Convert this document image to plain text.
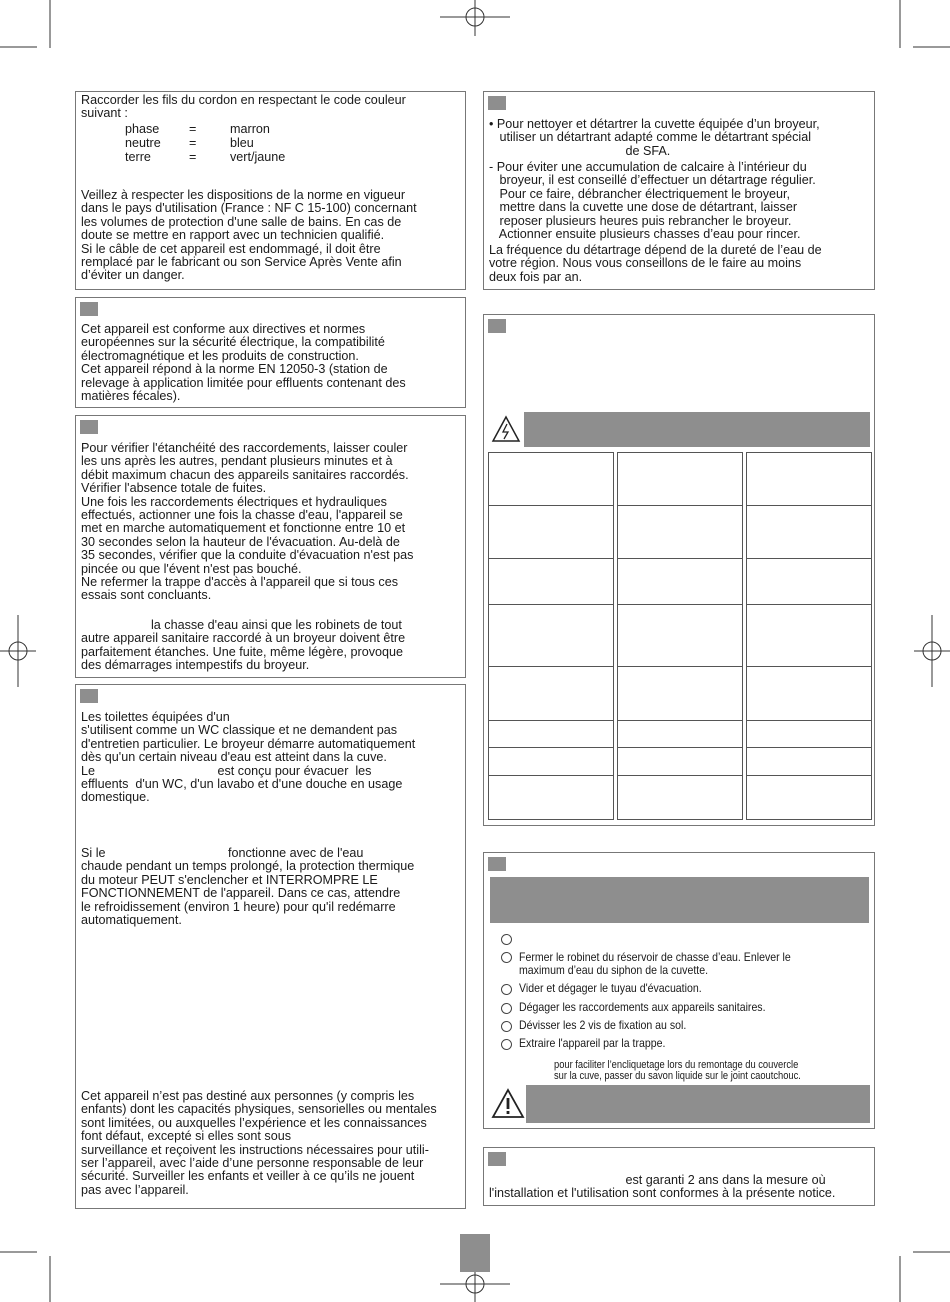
Raccorder les fils du cordon en respectant le code couleur
suivant :
phase =	marron
neutre =	bleu
terre	=	vert/jaune
Veillez à respecter les dispositions de la norme en vigueur
dans le pays d'utilisation (France : NF C 15-100) concernant
les volumes de protection d'une salle de bains. En cas de
doute se mettre en rapport avec un technicien qualifié.
Si le câble de cet appareil est endommagé, il doit être
remplacé par le fabricant ou son Service Après Vente afin
d’éviter un danger.
Cet appareil est conforme aux directives et normes
européennes sur la sécurité électrique, la compatibilité
électromagnétique et les produits de construction.
Cet appareil répond à la norme EN 12050-3 (station de
relevage à application limitée pour effluents contenant des
matières fécales).
Pour vérifier l'étanchéité des raccordements, laisser couler
les uns après les autres, pendant plusieurs minutes et à
débit maximum chacun des appareils sanitaires raccordés.
Vérifier l'absence totale de fuites.
Une fois les raccordements électriques et hydrauliques
effectués, actionner une fois la chasse d'eau, l'appareil se
met en marche automatiquement et fonctionne entre 10 et
30 secondes selon la hauteur de l'évacuation. Au-delà de
35 secondes, vérifier que la conduite d'évacuation n'est pas
pincée ou que l'évent n'est pas bouché.
Ne refermer la trappe d'accès à l'appareil que si tous ces
essais sont concluants.
la chasse d'eau ainsi que les robinets de tout
autre appareil sanitaire raccordé à un broyeur doivent être
parfaitement étanches. Une fuite, même légère, provoque
des démarrages intempestifs du broyeur.
Les toilettes équipées d'un
s'utilisent comme un WC classique et ne demandent pas
d'entretien particulier. Le broyeur démarre automatiquement
dès qu'un certain niveau d'eau est atteint dans la cuve.
Le                                   est conçu pour évacuer  les
effluents  d'un WC, d'un lavabo et d'une douche en usage
domestique.
Si le                                   fonctionne avec de l'eau
chaude pendant un temps prolongé, la protection thermique
du moteur PEUT s'enclencher et INTERROMPRE LE
FONCTIONNEMENT de l'appareil. Dans ce cas, attendre
le refroidissement (environ 1 heure) pour qu'il redémarre
automatiquement.
Cet appareil n’est pas destiné aux personnes (y compris les
enfants) dont les capacités physiques, sensorielles ou mentales
sont limitées, ou auxquelles l’expérience et les connaissances
font défaut, excepté si elles sont sous
surveillance et reçoivent les instructions nécessaires pour utili-
ser l’appareil, avec l’aide d’une personne responsable de leur
sécurité. Surveiller les enfants et veiller à ce qu’ils ne jouent
pas avec l’appareil.
• Pour nettoyer et détartrer la cuvette équipée d’un broyeur,
utiliser un détartrant adapté comme le détartrant spécial
de SFA.
- Pour éviter une accumulation de calcaire à l’intérieur du
broyeur, il est conseillé d’effectuer un détartrage régulier.
Pour ce faire, débrancher électriquement le broyeur,
mettre dans la cuvette une dose de détartrant, laisser
reposer plusieurs heures puis rebrancher le broyeur.
Actionner ensuite plusieurs chasses d’eau pour rincer.
La fréquence du détartrage dépend de la dureté de l’eau de
votre région. Nous vous conseillons de le faire au moins
deux fois par an.
Fermer le robinet du réservoir de chasse d’eau. Enlever le
maximum d’eau du siphon de la cuvette.
Vider et dégager le tuyau d'évacuation.
Dégager les raccordements aux appareils sanitaires.
Dévisser les 2 vis de fixation au sol.
Extraire l'appareil par la trappe.
pour faciliter l’encliquetage lors du remontage du couvercle
sur la cuve, passer du savon liquide sur le joint caoutchouc.
est garanti 2 ans dans la mesure où
l'installation et l'utilisation sont conformes à la présente notice.
